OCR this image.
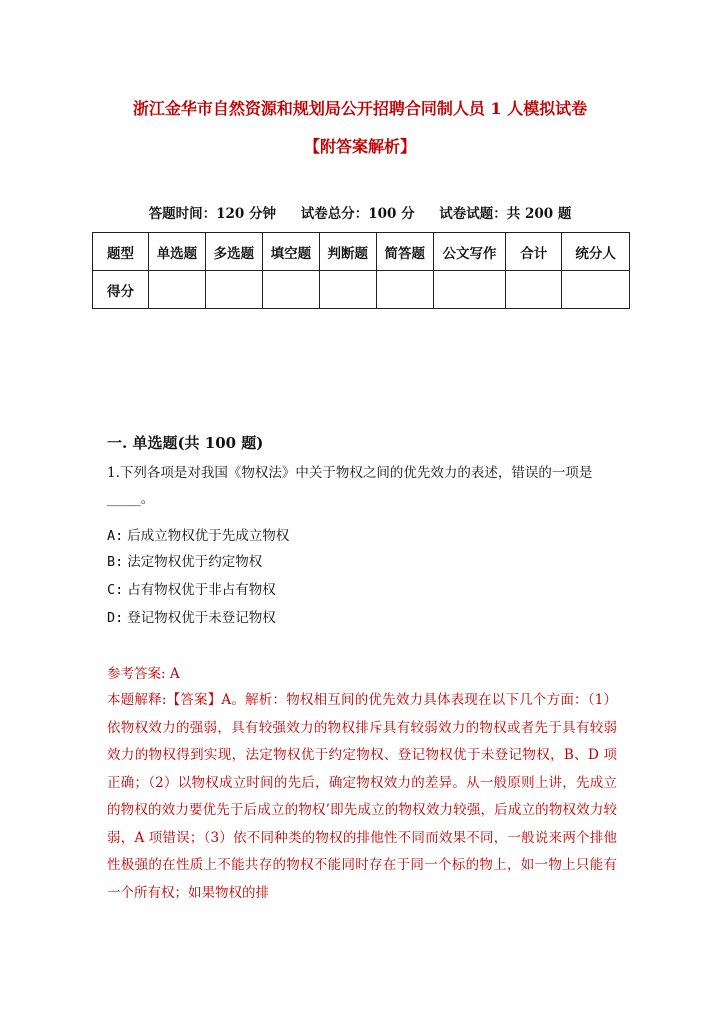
浙江金华市自然资源和规划局公开招聘合同制人员 1 人模拟试卷
【附答案解析】
答题时间：120 分钟 试卷总分：100 分 试卷试题：共 200 题
题型	单选题	多选题	填空题	判断题	简答题	公文写作	合计	统分人
得分								
一. 单选题(共 100 题)
1.下列各项是对我国《物权法》中关于物权之间的优先效力的表述，错误的一项是_____。
A: 后成立物权优于先成立物权
B: 法定物权优于约定物权
C: 占有物权优于非占有物权
D: 登记物权优于未登记物权
参考答案: A
本题解释:【答案】A。解析：物权相互间的优先效力具体表现在以下几个方面：（1）依物权效力的强弱，具有较强效力的物权排斥具有较弱效力的物权或者先于具有较弱效力的物权得到实现，法定物权优于约定物权、登记物权优于未登记物权，B、D 项正确；（2）以物权成立时间的先后，确定物权效力的差异。从一般原则上讲，先成立的物权的效力要优先于后成立的物权’即先成立的物权效力较强，后成立的物权效力较弱，A 项错误；（3）依不同种类的物权的排他性不同而效果不同，一般说来两个排他性极强的在性质上不能共存的物权不能同时存在于同一个标的物上，如一物上只能有一个所有权；如果物权的排
